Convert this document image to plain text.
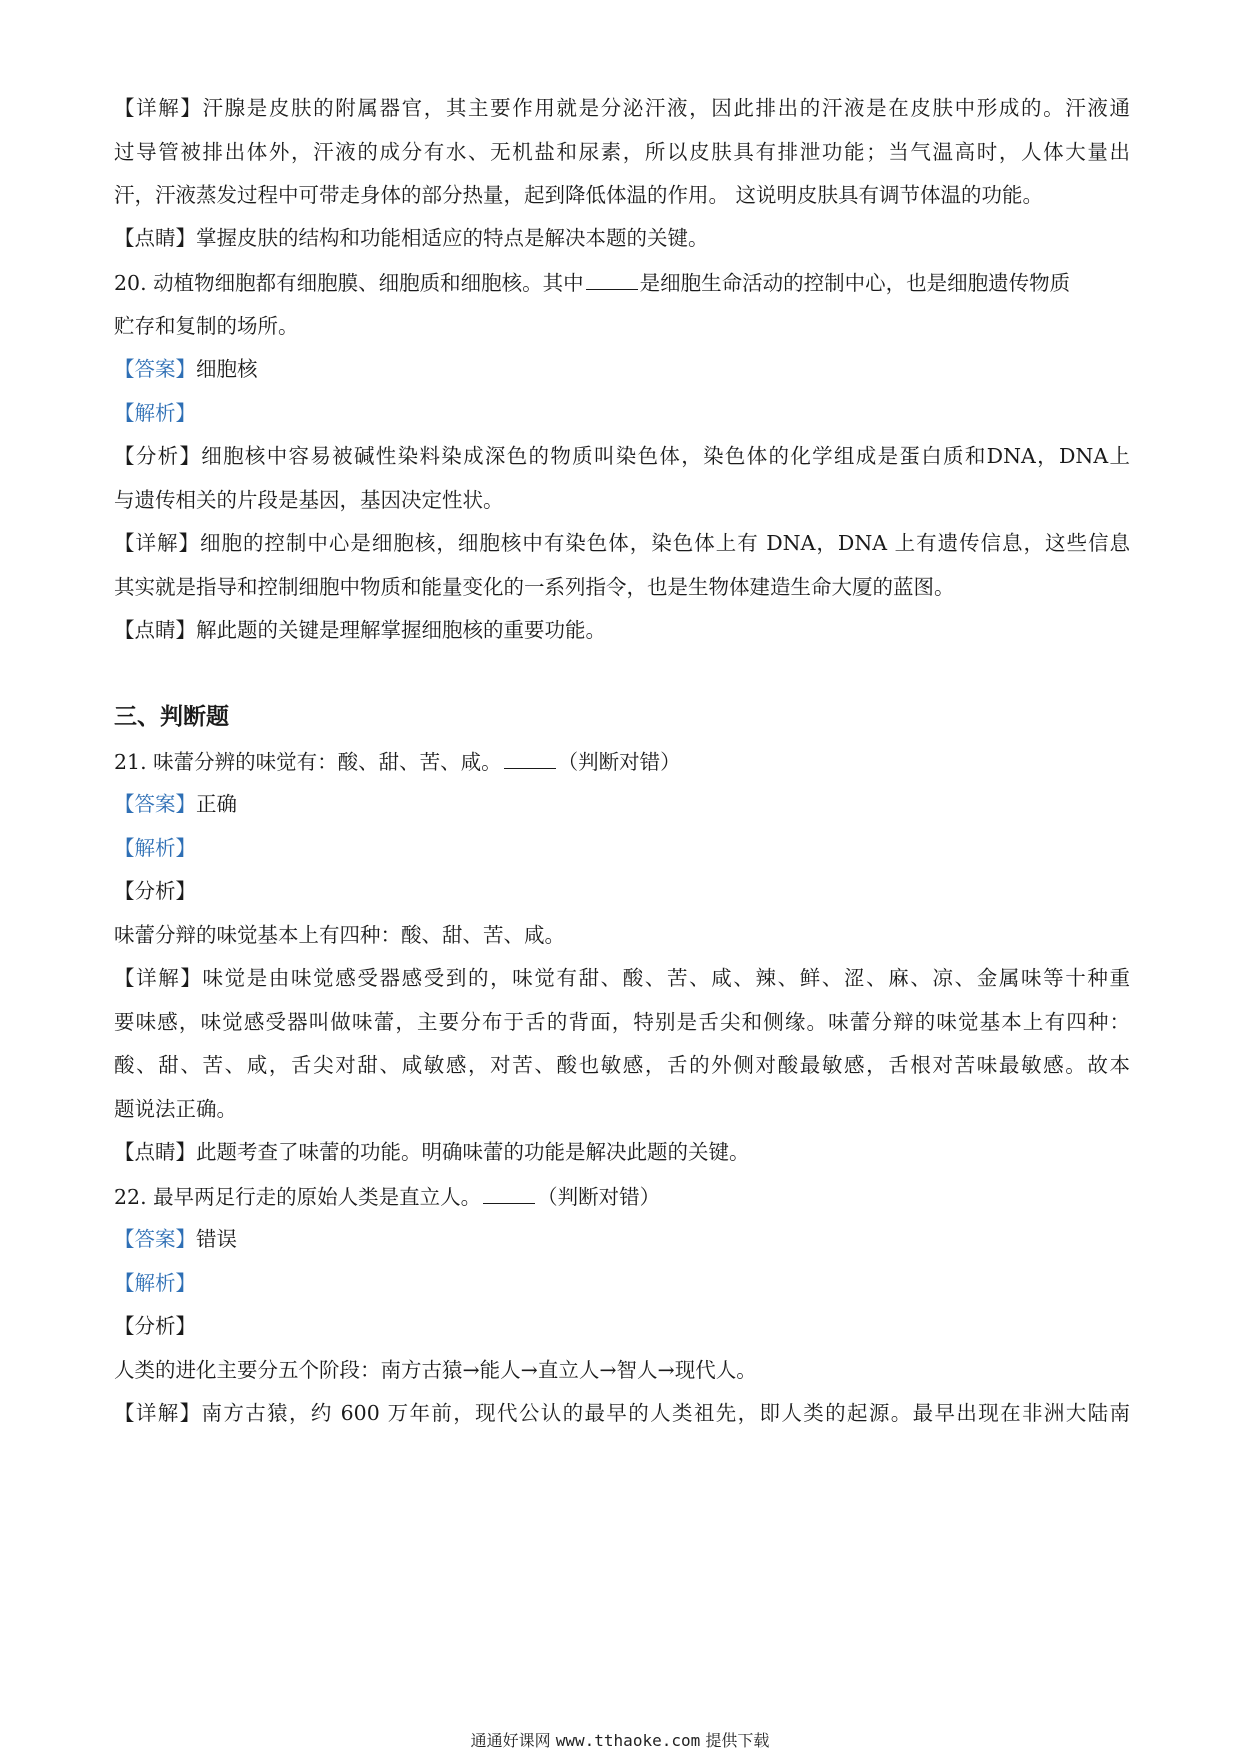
【详解】汗腺是皮肤的附属器官，其主要作用就是分泌汗液，因此排出的汗液是在皮肤中形成的。汗液通
过导管被排出体外，汗液的成分有水、无机盐和尿素，所以皮肤具有排泄功能；当气温高时，人体大量出
汗，汗液蒸发过程中可带走身体的部分热量，起到降低体温的作用。 这说明皮肤具有调节体温的功能。
【点睛】掌握皮肤的结构和功能相适应的特点是解决本题的关键。
20. 动植物细胞都有细胞膜、细胞质和细胞核。其中	是细胞生命活动的控制中心，也是细胞遗传物质
贮存和复制的场所。
【答案】细胞核
【解析】
【分析】细胞核中容易被碱性染料染成深色的物质叫染色体，染色体的化学组成是蛋白质和DNA，DNA上
与遗传相关的片段是基因，基因决定性状。
【详解】细胞的控制中心是细胞核，细胞核中有染色体，染色体上有 DNA，DNA 上有遗传信息，这些信息
其实就是指导和控制细胞中物质和能量变化的一系列指令，也是生物体建造生命大厦的蓝图。
【点睛】解此题的关键是理解掌握细胞核的重要功能。
三、判断题
21. 味蕾分辨的味觉有：酸、甜、苦、咸。	（判断对错）
【答案】正确
【解析】
【分析】
味蕾分辩的味觉基本上有四种：酸、甜、苦、咸。
【详解】味觉是由味觉感受器感受到的，味觉有甜、酸、苦、咸、辣、鲜、涩、麻、凉、金属味等十种重
要味感，味觉感受器叫做味蕾，主要分布于舌的背面，特别是舌尖和侧缘。味蕾分辩的味觉基本上有四种：
酸、甜、苦、咸，舌尖对甜、咸敏感，对苦、酸也敏感，舌的外侧对酸最敏感，舌根对苦味最敏感。故本
题说法正确。
【点睛】此题考查了味蕾的功能。明确味蕾的功能是解决此题的关键。
22. 最早两足行走的原始人类是直立人。	（判断对错）
【答案】错误
【解析】
【分析】
人类的进化主要分五个阶段：南方古猿→能人→直立人→智人→现代人。
【详解】南方古猿，约 600 万年前，现代公认的最早的人类祖先，即人类的起源。最早出现在非洲大陆南
通通好课网 www.tthaoke.com 提供下载
